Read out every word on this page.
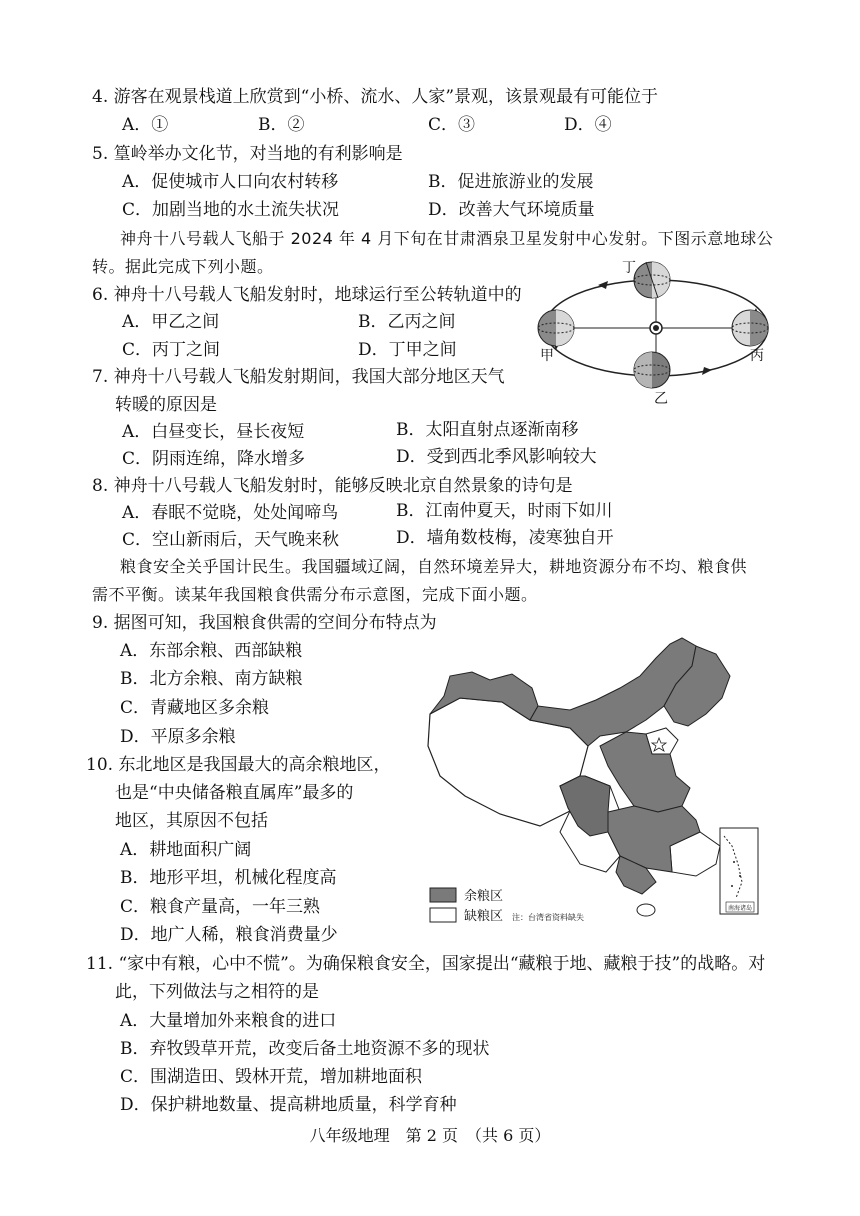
4. 游客在观景栈道上欣赏到“小桥、流水、人家”景观，该景观最有可能位于
A．①	B．②	C．③	D．④
5. 篁岭举办文化节，对当地的有利影响是
A．促使城市人口向农村转移	B．促进旅游业的发展
C．加剧当地的水土流失状况	D．改善大气环境质量
神舟十八号载人飞船于 2024 年 4 月下旬在甘肃酒泉卫星发射中心发射。下图示意地球公
转。据此完成下列小题。
6. 神舟十八号载人飞船发射时，地球运行至公转轨道中的
A．甲乙之间	B．乙丙之间
C．丙丁之间	D．丁甲之间
丁
甲	丙
乙
7. 神舟十八号载人飞船发射期间，我国大部分地区天气
转暖的原因是
A．白昼变长，昼长夜短	B．太阳直射点逐渐南移
C．阴雨连绵，降水增多	D．受到西北季风影响较大
8. 神舟十八号载人飞船发射时，能够反映北京自然景象的诗句是
A．春眠不觉晓，处处闻啼鸟	B．江南仲夏天，时雨下如川
C．空山新雨后，天气晚来秋	D．墙角数枝梅，凌寒独自开
粮食安全关乎国计民生。我国疆域辽阔，自然环境差异大，耕地资源分布不均、粮食供
需不平衡。读某年我国粮食供需分布示意图，完成下面小题。
9. 据图可知，我国粮食供需的空间分布特点为
A．东部余粮、西部缺粮
B．北方余粮、南方缺粮
C．青藏地区多余粮
D．平原多余粮
10. 东北地区是我国最大的高余粮地区，
也是“中央储备粮直属库”最多的
地区，其原因不包括
A．耕地面积广阔
B．地形平坦，机械化程度高
C．粮食产量高，一年三熟
D．地广人稀，粮食消费量少
南海诸岛
余粮区
缺粮区 注：台湾省资料缺失
11. “家中有粮，心中不慌”。为确保粮食安全，国家提出“藏粮于地、藏粮于技”的战略。对
此，下列做法与之相符的是
A．大量增加外来粮食的进口
B．弃牧毁草开荒，改变后备土地资源不多的现状
C．围湖造田、毁林开荒，增加耕地面积
D．保护耕地数量、提高耕地质量，科学育种
八年级地理　第 2 页　（共 6 页）
